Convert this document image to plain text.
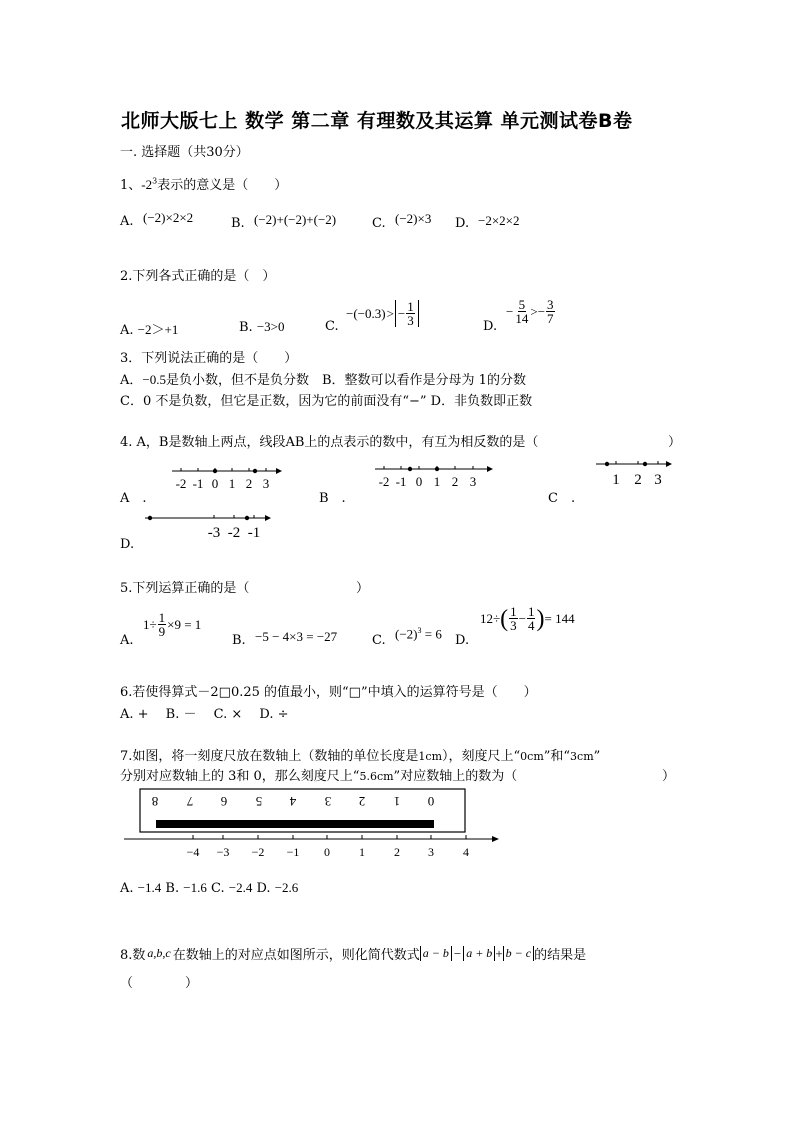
北师大版七上 数学 第二章 有理数及其运算 单元测试卷B卷
一. 选择题（共30分）
1、$-2^3$表示的意义是（　　）
A. (−2)×2×2	B. (−2)+(−2)+(−2)	C. (−2)×3 D. −2×2×2
2.下列各式正确的是（　）
A. −2＞+1	B. −3>0	C.
−(−0.3) > − $\frac{1}{3}$	D.
− $\frac{5}{14}$ > − $\frac{3}{7}$
3．下列说法正确的是（　　）
A．−0.5是负小数，但不是负分数　B．整数可以看作是分母为 1的分数
C．0 不是负数，但它是正数，因为它的前面没有“−” D．非负数即正数
4. A，B是数轴上两点，线段AB上的点表示的数中，有互为相反数的是（	）
A　.	B　.	C　.
D.
-2 -1 0 1 2 3	-2 -1 0 1 2 3	1 2 3
-3 -2 -1
5.下列运算正确的是（	）
A.
$1\div \frac{1}{9} \times 9 = 1$
B. −5 − 4×3 = −27	C. $(-2)^3 = 6$ D.
12÷ ( $\frac{1}{3} - \frac{1}{4}$ ) = 144
6.若使得算式－2□0.25 的值最小，则“□”中填入的运算符号是（　　）
A. +　 B. －　 C. ×　 D. ÷
7.如图，将一刻度尺放在数轴上（数轴的单位长度是1cm），刻度尺上“0cm”和“3cm”
分别对应数轴上的 3和 0，那么刻度尺上“5.6cm”对应数轴上的数为（	）
8 7 6 5 4 3 2 1 0
−4 −3 −2 −1 0 1 2 3 4
A. −1.4 B. −1.6 C. −2.4 D. −2.6
8.数 a,b,c 在数轴上的对应点如图所示，则化简代数式 a − b − a + b + b − c 的结果是
（　　　　）
